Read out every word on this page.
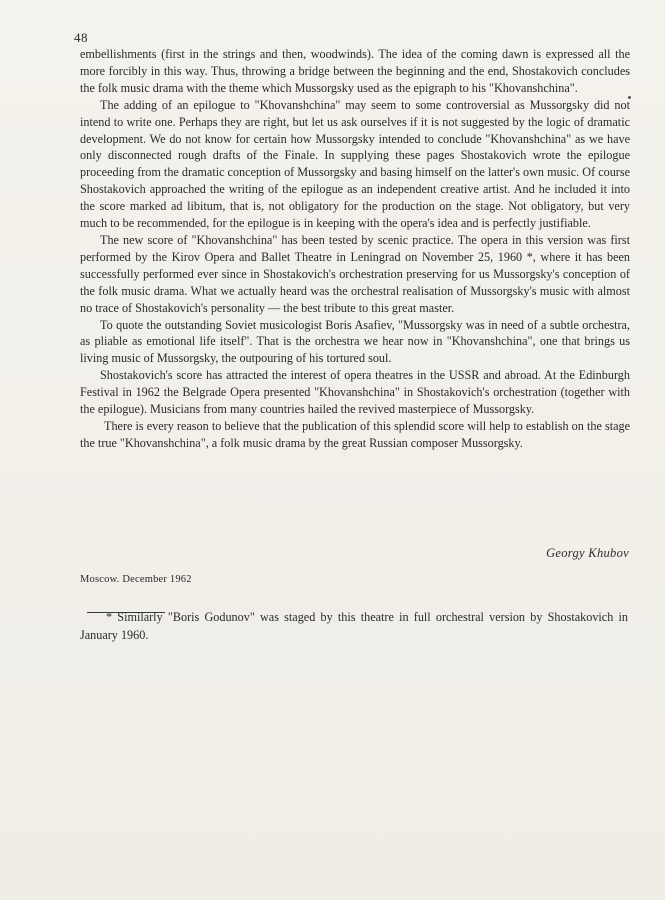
48

embellishments (first in the strings and then, woodwinds). The idea of the coming dawn is expressed all the more forcibly in this way. Thus, throwing a bridge between the beginning and the end, Shostakovich concludes the folk music drama with the theme which Mussorgsky used as the epigraph to his "Khovanshchina".

The adding of an epilogue to "Khovanshchina" may seem to some controversial as Mussorgsky did not intend to write one. Perhaps they are right, but let us ask ourselves if it is not suggested by the logic of dramatic development. We do not know for certain how Mussorgsky intended to conclude "Khovanshchina" as we have only disconnected rough drafts of the Finale. In supplying these pages Shostakovich wrote the epilogue proceeding from the dramatic conception of Mussorgsky and basing himself on the latter's own music. Of course Shostakovich approached the writing of the epilogue as an independent creative artist. And he included it into the score marked ad libitum, that is, not obligatory for the production on the stage. Not obligatory, but very much to be recommended, for the epilogue is in keeping with the opera's idea and is perfectly justifiable.

The new score of "Khovanshchina" has been tested by scenic practice. The opera in this version was first performed by the Kirov Opera and Ballet Theatre in Leningrad on November 25, 1960 *, where it has been successfully performed ever since in Shostakovich's orchestration preserving for us Mussorgsky's conception of the folk music drama. What we actually heard was the orchestral realisation of Mussorgsky's music with almost no trace of Shostakovich's personality — the best tribute to this great master.

To quote the outstanding Soviet musicologist Boris Asafiev, "Mussorgsky was in need of a subtle orchestra, as pliable as emotional life itself". That is the orchestra we hear now in "Khovanshchina", one that brings us living music of Mussorgsky, the outpouring of his tortured soul.

Shostakovich's score has attracted the interest of opera theatres in the USSR and abroad. At the Edinburgh Festival in 1962 the Belgrade Opera presented "Khovanshchina" in Shostakovich's orchestration (together with the epilogue). Musicians from many countries hailed the revived masterpiece of Mussorgsky.

There is every reason to believe that the publication of this splendid score will help to establish on the stage the true "Khovanshchina", a folk music drama by the great Russian composer Mussorgsky.

Georgy Khubov
Moscow. December 1962

* Similarly "Boris Godunov" was staged by this theatre in full orchestral version by Shostakovich in January 1960.
